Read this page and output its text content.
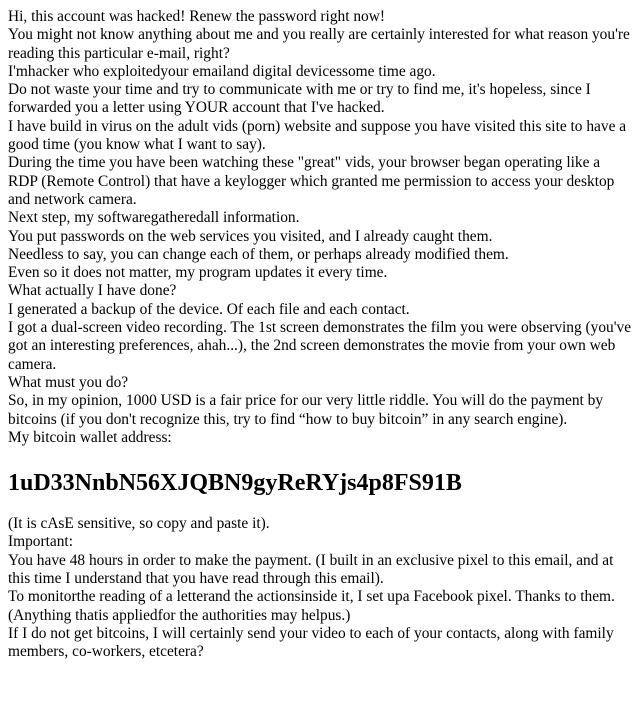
Hi, this account was hacked! Renew the password right now!
You might not know anything about me and you really are certainly interested for what reason you're reading this particular e-mail, right?
I'mhacker who exploitedyour emailand digital devicessome time ago.
Do not waste your time and try to communicate with me or try to find me, it's hopeless, since I forwarded you a letter using YOUR account that I've hacked.
I have build in virus on the adult vids (porn) website and suppose you have visited this site to have a good time (you know what I want to say).
During the time you have been watching these "great" vids, your browser began operating like a RDP (Remote Control) that have a keylogger which granted me permission to access your desktop and network camera.
Next step, my softwaregatheredall information.
You put passwords on the web services you visited, and I already caught them.
Needless to say, you can change each of them, or perhaps already modified them.
Even so it does not matter, my program updates it every time.
What actually I have done?
I generated a backup of the device. Of each file and each contact.
I got a dual-screen video recording. The 1st screen demonstrates the film you were observing (you've got an interesting preferences, ahah...), the 2nd screen demonstrates the movie from your own web camera.
What must you do?
So, in my opinion, 1000 USD is a fair price for our very little riddle. You will do the payment by bitcoins (if you don't recognize this, try to find “how to buy bitcoin” in any search engine).
My bitcoin wallet address:
1uD33NnbN56XJQBN9gyReRYjs4p8FS91B
(It is cAsE sensitive, so copy and paste it).
Important:
You have 48 hours in order to make the payment. (I built in an exclusive pixel to this email, and at this time I understand that you have read through this email).
To monitorthe reading of a letterand the actionsinside it, I set upa Facebook pixel. Thanks to them. (Anything thatis appliedfor the authorities may helpus.)
If I do not get bitcoins, I will certainly send your video to each of your contacts, along with family members, co-workers, etcetera?
